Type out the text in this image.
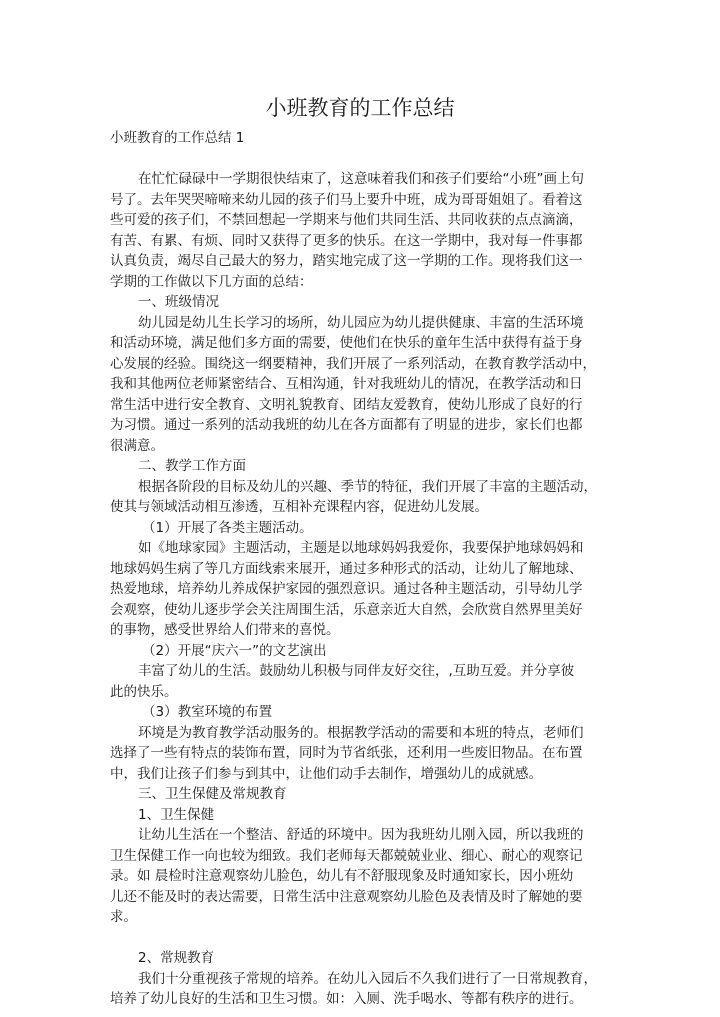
小班教育的工作总结
小班教育的工作总结 1
在忙忙碌碌中一学期很快结束了，这意味着我们和孩子们要给“小班”画上句
号了。去年哭哭啼啼来幼儿园的孩子们马上要升中班，成为哥哥姐姐了。看着这
些可爱的孩子们，不禁回想起一学期来与他们共同生活、共同收获的点点滴滴，
有苦、有累、有烦、同时又获得了更多的快乐。在这一学期中，我对每一件事都
认真负责，竭尽自己最大的努力，踏实地完成了这一学期的工作。现将我们这一
学期的工作做以下几方面的总结：
一、班级情况
幼儿园是幼儿生长学习的场所，幼儿园应为幼儿提供健康、丰富的生活环境
和活动环境，满足他们多方面的需要，使他们在快乐的童年生活中获得有益于身
心发展的经验。围绕这一纲要精神，我们开展了一系列活动，在教育教学活动中，
我和其他两位老师紧密结合、互相沟通，针对我班幼儿的情况，在教学活动和日
常生活中进行安全教育、文明礼貌教育、团结友爱教育，使幼儿形成了良好的行
为习惯。通过一系列的活动我班的幼儿在各方面都有了明显的进步，家长们也都
很满意。
二、教学工作方面
根据各阶段的目标及幼儿的兴趣、季节的特征，我们开展了丰富的主题活动，
使其与领域活动相互渗透，互相补充课程内容，促进幼儿发展。
（1）开展了各类主题活动。
如《地球家园》主题活动，主题是以地球妈妈我爱你，我要保护地球妈妈和
地球妈妈生病了等几方面线索来展开，通过多种形式的活动，让幼儿了解地球、
热爱地球，培养幼儿养成保护家园的强烈意识。通过各种主题活动，引导幼儿学
会观察，使幼儿逐步学会关注周围生活，乐意亲近大自然，会欣赏自然界里美好
的事物，感受世界给人们带来的喜悦。
（2）开展“庆六一”的文艺演出
丰富了幼儿的生活。鼓励幼儿积极与同伴友好交往，,互助互爱。并分享彼
此的快乐。
（3）教室环境的布置
环境是为教育教学活动服务的。根据教学活动的需要和本班的特点，老师们
选择了一些有特点的装饰布置，同时为节省纸张，还利用一些废旧物品。在布置
中，我们让孩子们参与到其中，让他们动手去制作，增强幼儿的成就感。
三、卫生保健及常规教育
1、卫生保健
让幼儿生活在一个整洁、舒适的环境中。因为我班幼儿刚入园，所以我班的
卫生保健工作一向也较为细致。我们老师每天都兢兢业业、细心、耐心的观察记
录。如 晨检时注意观察幼儿脸色，幼儿有不舒服现象及时通知家长，因小班幼
儿还不能及时的表达需要，日常生活中注意观察幼儿脸色及表情及时了解她的要
求。
2、常规教育
我们十分重视孩子常规的培养。在幼儿入园后不久我们进行了一日常规教育，
培养了幼儿良好的生活和卫生习惯。如：入厕、洗手喝水、等都有秩序的进行。
